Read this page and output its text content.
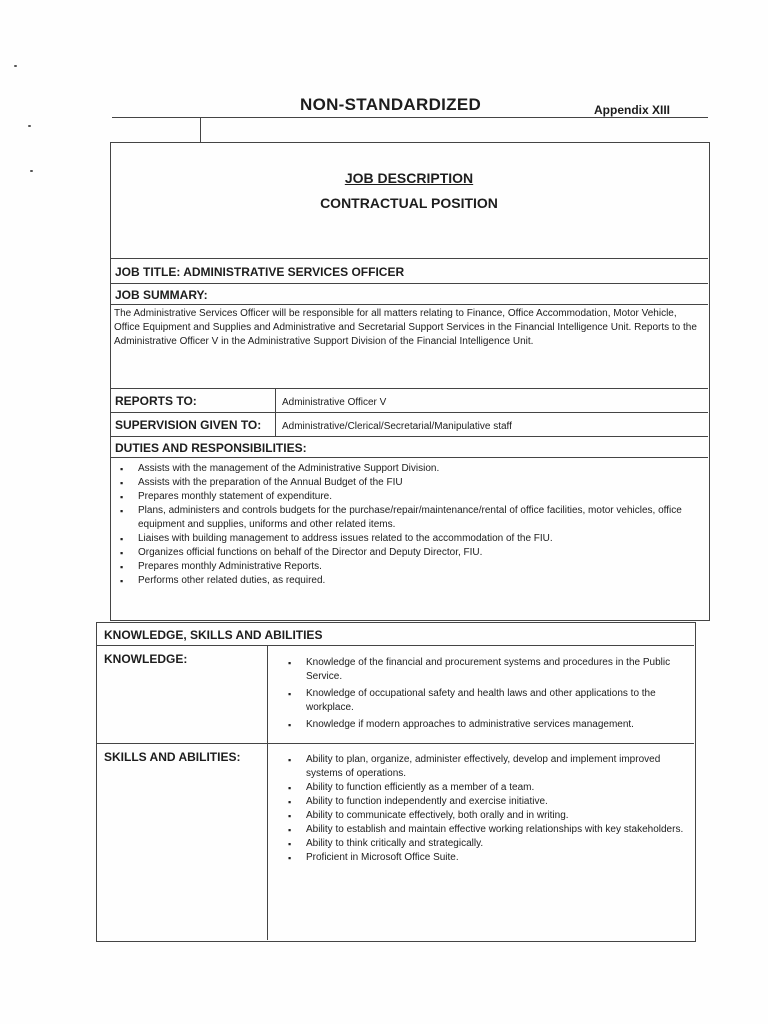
NON-STANDARDIZED	Appendix XIII
JOB DESCRIPTION
CONTRACTUAL POSITION
JOB TITLE: ADMINISTRATIVE SERVICES OFFICER
JOB SUMMARY:
The Administrative Services Officer will be responsible for all matters relating to Finance, Office Accommodation, Motor Vehicle, Office Equipment and Supplies and Administrative and Secretarial Support Services in the Financial Intelligence Unit. Reports to the Administrative Officer V in the Administrative Support Division of the Financial Intelligence Unit.
REPORTS TO:	Administrative Officer V
SUPERVISION GIVEN TO: Administrative/Clerical/Secretarial/Manipulative staff
DUTIES AND RESPONSIBILITIES:
▪ Assists with the management of the Administrative Support Division.
▪ Assists with the preparation of the Annual Budget of the FIU
▪ Prepares monthly statement of expenditure.
▪ Plans, administers and controls budgets for the purchase/repair/maintenance/rental of office facilities, motor vehicles, office equipment and supplies, uniforms and other related items.
▪ Liaises with building management to address issues related to the accommodation of the FIU.
▪ Organizes official functions on behalf of the Director and Deputy Director, FIU.
▪ Prepares monthly Administrative Reports.
▪ Performs other related duties, as required.
KNOWLEDGE, SKILLS AND ABILITIES
KNOWLEDGE:	▪ Knowledge of the financial and procurement systems and procedures in the Public Service.
▪ Knowledge of occupational safety and health laws and other applications to the workplace.
▪ Knowledge if modern approaches to administrative services management.
SKILLS AND ABILITIES:	▪ Ability to plan, organize, administer effectively, develop and implement improved systems of operations.
▪ Ability to function efficiently as a member of a team.
▪ Ability to function independently and exercise initiative.
▪ Ability to communicate effectively, both orally and in writing.
▪ Ability to establish and maintain effective working relationships with key stakeholders.
▪ Ability to think critically and strategically.
▪ Proficient in Microsoft Office Suite.
